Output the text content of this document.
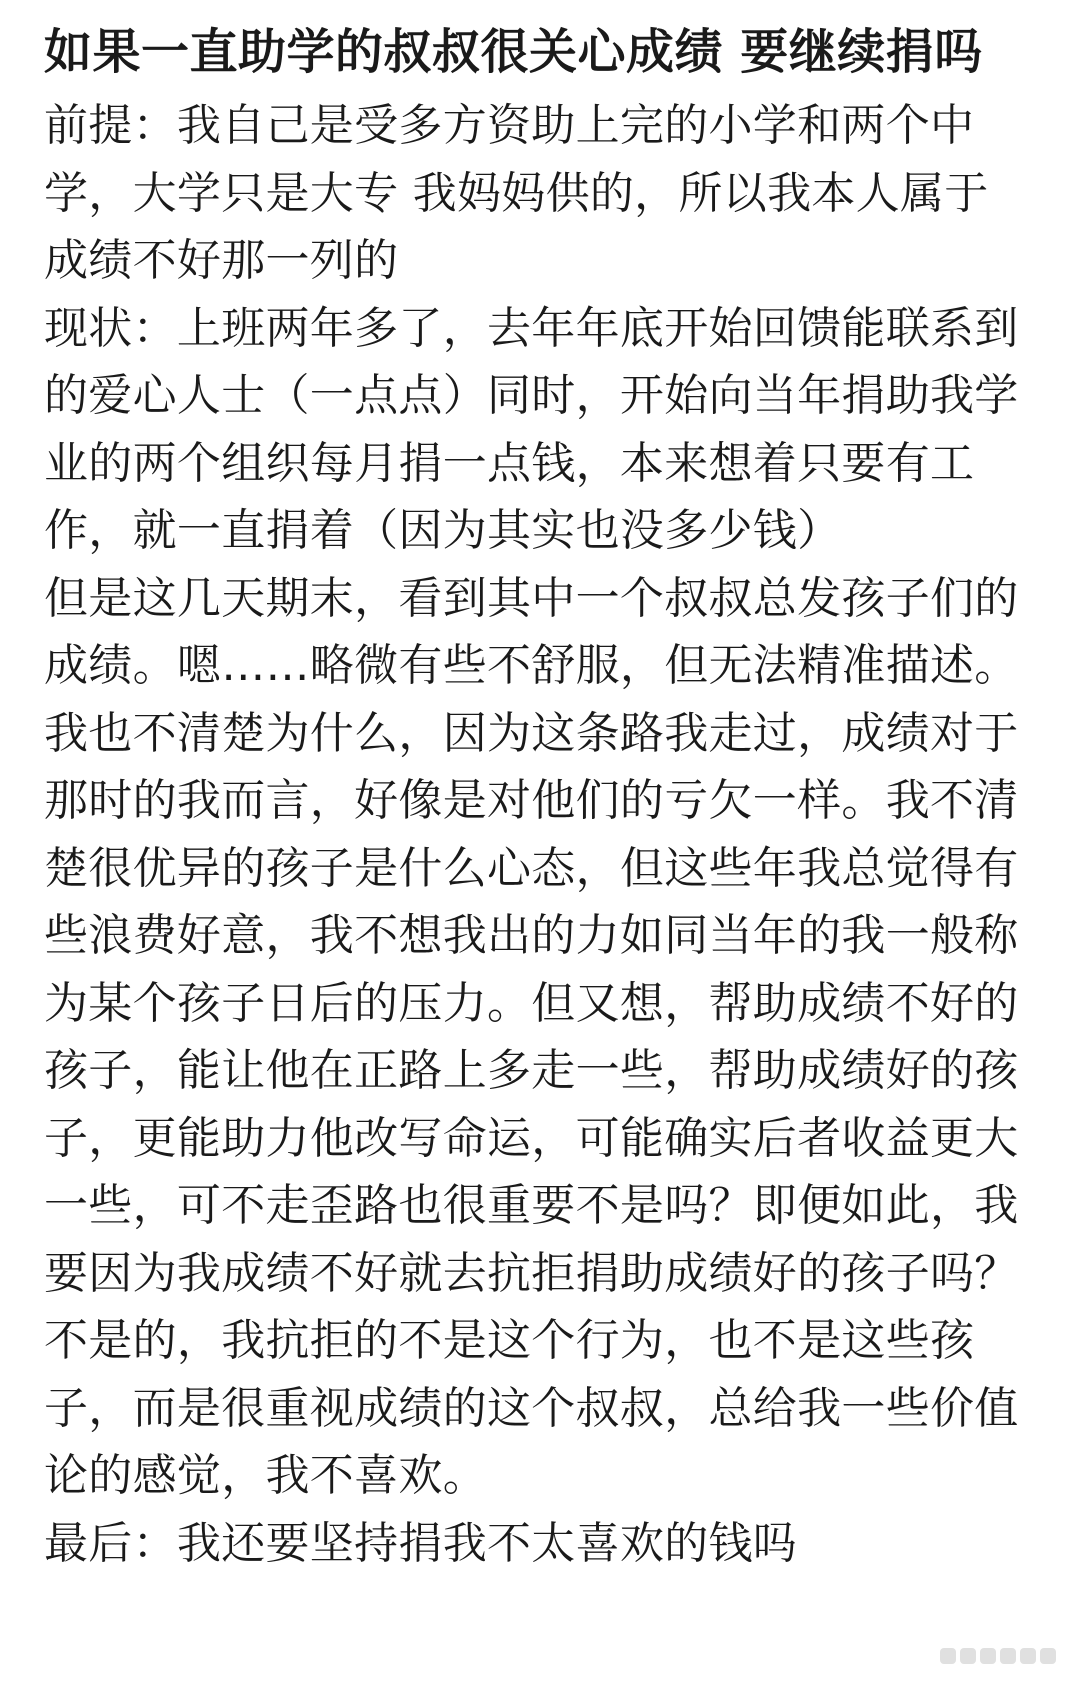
如果一直助学的叔叔很关心成绩 要继续捐吗
前提：我自己是受多方资助上完的小学和两个中
学，大学只是大专 我妈妈供的，所以我本人属于
成绩不好那一列的
现状：上班两年多了，去年年底开始回馈能联系到
的爱心人士（一点点）同时，开始向当年捐助我学
业的两个组织每月捐一点钱，本来想着只要有工
作，就一直捐着（因为其实也没多少钱）
但是这几天期末，看到其中一个叔叔总发孩子们的
成绩。嗯……略微有些不舒服，但无法精准描述。
我也不清楚为什么，因为这条路我走过，成绩对于
那时的我而言，好像是对他们的亏欠一样。我不清
楚很优异的孩子是什么心态，但这些年我总觉得有
些浪费好意，我不想我出的力如同当年的我一般称
为某个孩子日后的压力。但又想，帮助成绩不好的
孩子，能让他在正路上多走一些，帮助成绩好的孩
子，更能助力他改写命运，可能确实后者收益更大
一些，可不走歪路也很重要不是吗？即便如此，我
要因为我成绩不好就去抗拒捐助成绩好的孩子吗？
不是的，我抗拒的不是这个行为，也不是这些孩
子，而是很重视成绩的这个叔叔，总给我一些价值
论的感觉，我不喜欢。
最后：我还要坚持捐我不太喜欢的钱吗
